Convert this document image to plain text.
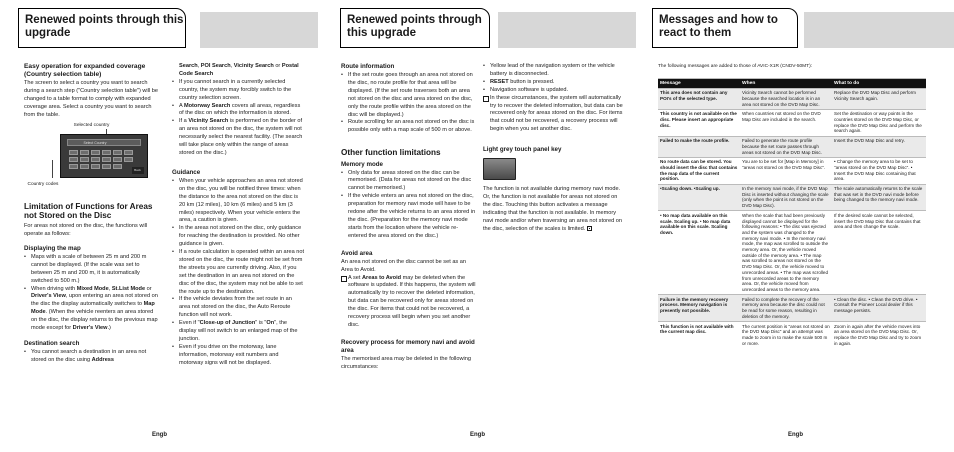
Renewed points through this upgrade
Easy operation for expanded coverage (Country selection table)

The screen to select a country you want to search during a search step ("Country selection table") will be changed to a table format to comply with expanded coverage area. Select a country you want to search from the table.

Selected country
Select Country
Back
Country codes
Limitation of Functions for Areas not Stored on the Disc

For areas not stored on the disc, the functions will operate as follows:

Displaying the map
• Maps with a scale of between 25 m and 200 m cannot be displayed. (If the scale was set to between 25 m and 200 m, it is automatically switched to 500 m.)
• When driving with Mixed Mode, St.List Mode or Driver's View, upon entering an area not stored on the disc the display automatically switches to Map Mode. (When the vehicle reenters an area stored on the disc, the display returns to the previous map mode except for Driver's View.)
Destination search
• You cannot search a destination in an area not stored on the disc using Address

Search, POI Search, Vicinity Search or Postal Code Search

• If you cannot search in a currently selected country, the system may forcibly switch to the country selection screen.
• A Motorway Search covers all areas, regardless of the disc on which the information is stored.
• If a Vicinity Search is performed on the border of an area not stored on the disc, the system will not necessarily select the nearest facility. (The search will take place only within the range of areas stored on the disc.)
Guidance
• When your vehicle approaches an area not stored on the disc, you will be notified three times: when the distance to the area not stored on the disc is 20 km (12 miles), 10 km (6 miles) and 5 km (3 miles) respectively. When your vehicle enters the area, a caution is given.
• In the areas not stored on the disc, only guidance for reaching the destination is provided. No other guidance is given.
• If a route calculation is operated within an area not stored on the disc, the route might not be set from the streets you are currently driving. Also, if you set the destination in an area not stored on the disc of the disc, the system may not be able to set the route up to the destination.
• If the vehicle deviates from the set route in an area not stored on the disc, the Auto Reroute function will not work.
• Even if "Close-up of Junction" is "On", the display will not switch to an enlarged map of the junction.
• Even if you drive on the motorway, lane information, motorway exit numbers and motorway signs will not be displayed.
Engb
Renewed points through this upgrade
Route information
• If the set route goes through an area not stored on the disc, no route profile for that area will be displayed. (If the set route traverses both an area not stored on the disc and area stored on the disc, only the route profile within the area stored on the disc will be displayed.)
• Route scrolling for an area not stored on the disc is possible only with a map scale of 500 m or above.
Other function limitations
Memory mode
• Only data for areas stored on the disc can be memorised. (Data for areas not stored on the disc cannot be memorised.)
• If the vehicle enters an area not stored on the disc, preparation for memory navi mode will have to be redone after the vehicle returns to an area stored in the disc. (Preparation for the memory navi mode starts from the location where the vehicle re-entered the area stored on the disc.)
Avoid area

An area not stored on the disc cannot be set as an Area to Avoid.

A set Areas to Avoid may be deleted when the software is updated. If this happens, the system will automatically try to recover the deleted information, but data can be recovered only for areas stored on the disc. For items that could not be recovered, a recovery process will begin when you set another disc.
Recovery process for memory navi and avoid area

The memorised area may be deleted in the following circumstances:

• Yellow lead of the navigation system or the vehicle battery is disconnected.
• RESET button is pressed.
• Navigation software is updated.
In these circumstances, the system will automatically try to recover the deleted information, but data can be recovered only for areas stored on the disc. For items that could not be recovered, a recovery process will begin when you set another disc.
Light grey touch panel key

The function is not available during memory navi mode. Or, the function is not available for areas not stored on the disc. Touching this button activates a message indicating that the function is not available. In memory navi mode and/or when traversing an area not stored on the disc, selection of the scales is limited.

Engb
Messages and how to react to them
The following messages are added to those of AVIC-X1R (CNDV-50MT):
Engb
Message	When	What to do
This area does not contain any POI's of the selected type.	Vicinity Search cannot be performed because the searched location is in an area not stored on the DVD Map Disc.	Replace the DVD Map Disc and perform Vicinity Search again.
This country is not available on the disc. Please insert an appropriate disc.	When countries not stored on the DVD Map Disc are included in the search.	Set the destination or way points in the countries stored on the DVD Map Disc, or replace the DVD Map Disc and perform the search again.
Failed to make the route profile.	Failed to generate the route profile because the set route passes through areas not stored on the DVD Map Disc.	Insert the DVD Map Disc and retry.
No route data can be stored. You should insert the disc that contains the map data of the current position.	You are to be set for [Map in Memory] in "areas not stored on the DVD Map Disc".	• Change the memory area to be set to "areas stored on the DVD Map Disc". • Insert the DVD Map Disc containing that area.
•Scaling down. •Scaling up.	In the memory navi mode, if the DVD Map Disc is inserted without changing the scale (only when the point is not stored on the DVD Map Disc).	The scale automatically returns to the scale that was set in the DVD navi mode before being changed to the memory navi mode.
• No map data available on this scale. Scaling up. • No map data available on this scale. Scaling down.	When the scale that had been previously displayed cannot be displayed for the following reasons: • The disc was ejected and the system was changed to the memory navi mode. • In the memory navi mode, the map was scrolled to outside the memory area. Or, the vehicle moved outside of the memory area. • The map was scrolled to areas not stored on the DVD Map Disc. Or, the vehicle moved to unrecorded areas. • The map was scrolled from unrecorded areas to the memory area. Or, the vehicle moved from unrecorded areas to the memory area.	If the desired scale cannot be selected, insert the DVD Map Disc that contains that area and then change the scale.
Failure in the memory recovery process. Memory navigation is presently not possible.	Failed to complete the recovery of the memory area because the disc could not be read for some reason, resulting in deletion of the memory.	• Clean the disc. • Clean the DVD drive. • Consult the Pioneer Local dealer if this message persists.
This function is not available with the current map disc.	The current position is "areas not stored on the DVD Map Disc" and an attempt was made to zoom in to make the scale 500 m or more.	Zoom in again after the vehicle moves into an area stored on the DVD Map Disc. Or, replace the DVD Map Disc and try to zoom in again.
